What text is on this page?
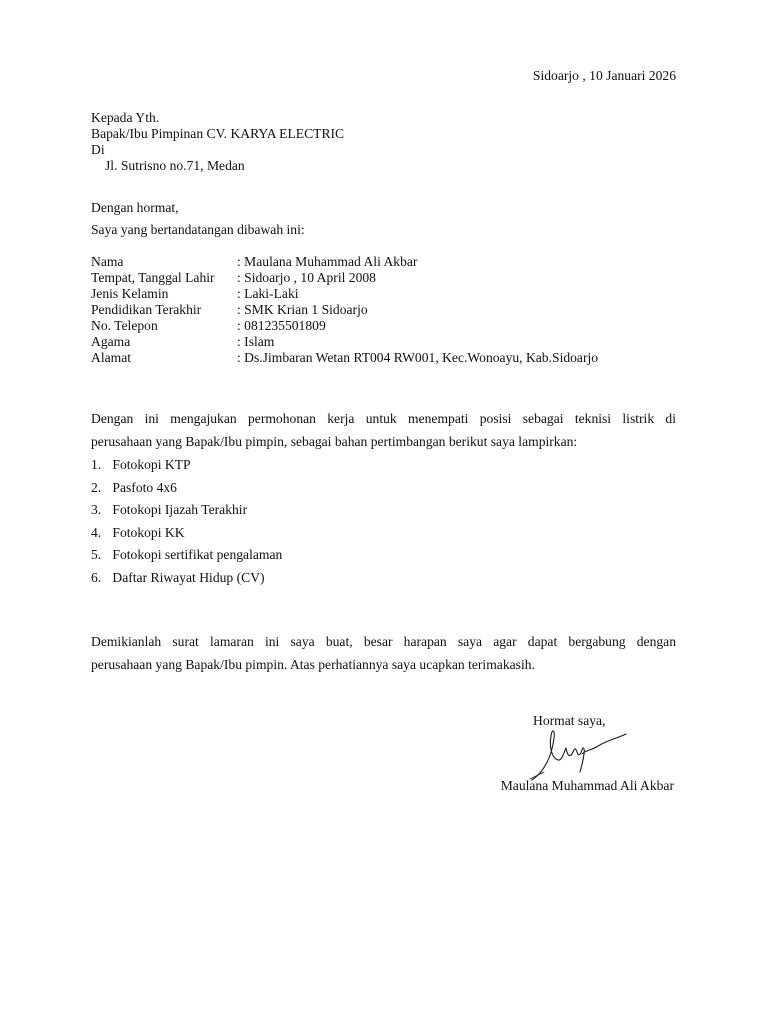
Sidoarjo , 10 Januari 2026
Kepada Yth.
Bapak/Ibu Pimpinan CV. KARYA ELECTRIC
Di
Jl. Sutrisno no.71, Medan
Dengan hormat,
Saya yang bertandatangan dibawah ini:
Nama	: Maulana Muhammad Ali Akbar
Tempat, Tanggal Lahir	: Sidoarjo , 10 April 2008
Jenis Kelamin	: Laki-Laki
Pendidikan Terakhir	: SMK Krian 1 Sidoarjo
No. Telepon	: 081235501809
Agama	: Islam
Alamat	: Ds.Jimbaran Wetan RT004 RW001, Kec.Wonoayu, Kab.Sidoarjo
Dengan ini mengajukan permohonan kerja untuk menempati posisi sebagai teknisi listrik di
perusahaan yang Bapak/Ibu pimpin, sebagai bahan pertimbangan berikut saya lampirkan:
1. Fotokopi KTP
2. Pasfoto 4x6
3. Fotokopi Ijazah Terakhir
4. Fotokopi KK
5. Fotokopi sertifikat pengalaman
6. Daftar Riwayat Hidup (CV)
Demikianlah surat lamaran ini saya buat, besar harapan saya agar dapat bergabung dengan
perusahaan yang Bapak/Ibu pimpin. Atas perhatiannya saya ucapkan terimakasih.
Hormat saya,
Maulana Muhammad Ali Akbar
